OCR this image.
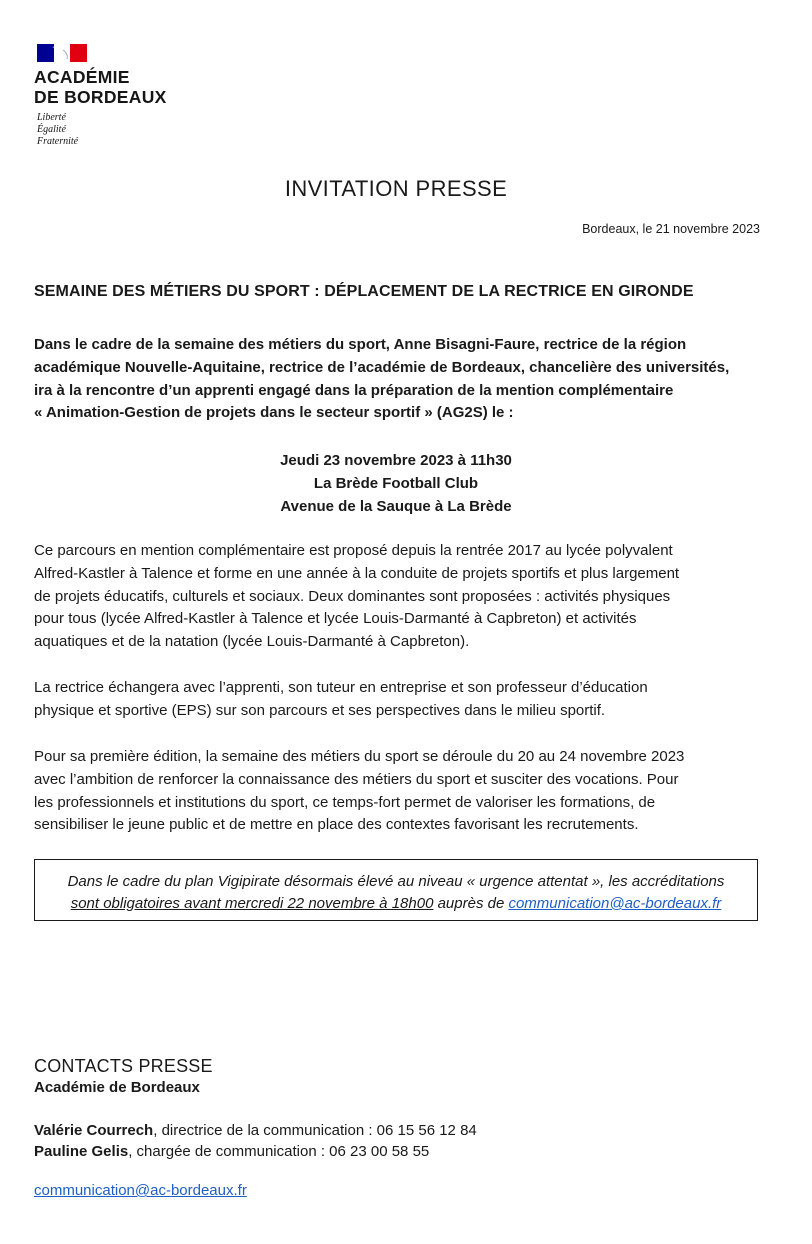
ACADÉMIE
DE BORDEAUX
Liberté
Égalité
Fraternité
INVITATION PRESSE
Bordeaux, le 21 novembre 2023
SEMAINE DES MÉTIERS DU SPORT : DÉPLACEMENT DE LA RECTRICE EN GIRONDE
Dans le cadre de la semaine des métiers du sport, Anne Bisagni-Faure, rectrice de la région
académique Nouvelle-Aquitaine, rectrice de l’académie de Bordeaux, chancelière des universités,
ira à la rencontre d’un apprenti engagé dans la préparation de la mention complémentaire
« Animation-Gestion de projets dans le secteur sportif » (AG2S) le :
Jeudi 23 novembre 2023 à 11h30
La Brède Football Club
Avenue de la Sauque à La Brède
Ce parcours en mention complémentaire est proposé depuis la rentrée 2017 au lycée polyvalent
Alfred-Kastler à Talence et forme en une année à la conduite de projets sportifs et plus largement
de projets éducatifs, culturels et sociaux. Deux dominantes sont proposées : activités physiques
pour tous (lycée Alfred-Kastler à Talence et lycée Louis-Darmanté à Capbreton) et activités
aquatiques et de la natation (lycée Louis-Darmanté à Capbreton).
La rectrice échangera avec l’apprenti, son tuteur en entreprise et son professeur d’éducation
physique et sportive (EPS) sur son parcours et ses perspectives dans le milieu sportif.
Pour sa première édition, la semaine des métiers du sport se déroule du 20 au 24 novembre 2023
avec l’ambition de renforcer la connaissance des métiers du sport et susciter des vocations. Pour
les professionnels et institutions du sport, ce temps-fort permet de valoriser les formations, de
sensibiliser le jeune public et de mettre en place des contextes favorisant les recrutements.
Dans le cadre du plan Vigipirate désormais élevé au niveau « urgence attentat », les accréditations
sont obligatoires avant mercredi 22 novembre à 18h00 auprès de communication@ac-bordeaux.fr
CONTACTS PRESSE
Académie de Bordeaux
Valérie Courrech, directrice de la communication : 06 15 56 12 84
Pauline Gelis, chargée de communication : 06 23 00 58 55
communication@ac-bordeaux.fr
